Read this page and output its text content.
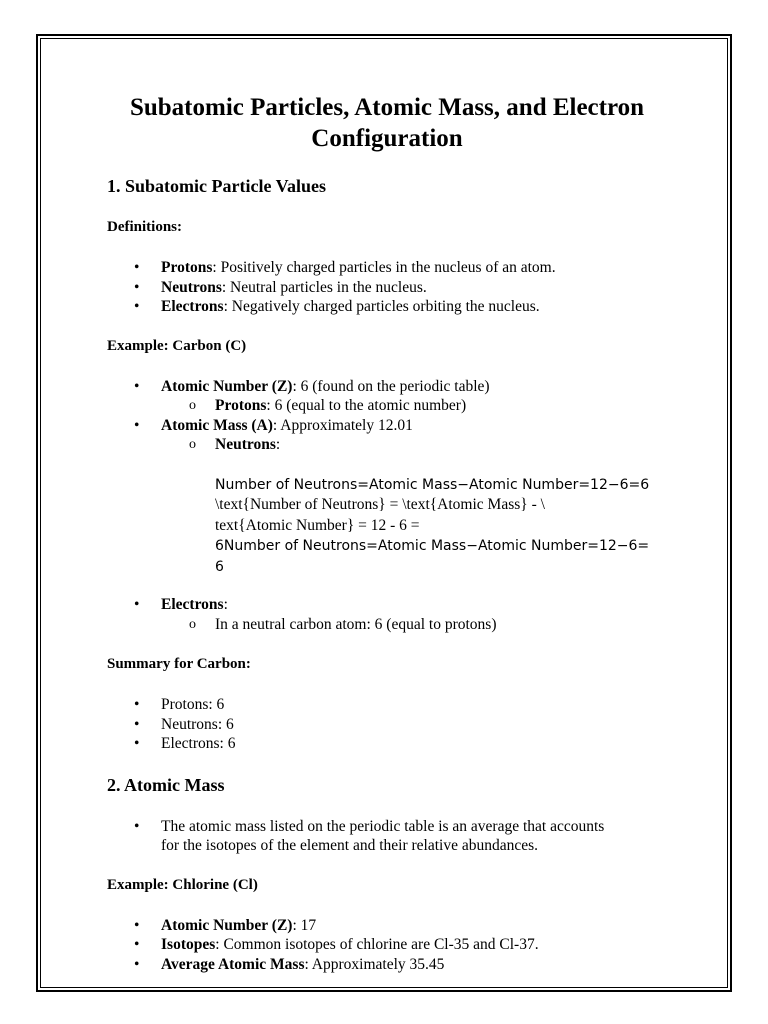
Subatomic Particles, Atomic Mass, and Electron Configuration
1. Subatomic Particle Values

Definitions:

• Protons: Positively charged particles in the nucleus of an atom.
• Neutrons: Neutral particles in the nucleus.
• Electrons: Negatively charged particles orbiting the nucleus.

Example: Carbon (C)

• Atomic Number (Z): 6 (found on the periodic table)
o Protons: 6 (equal to the atomic number)
• Atomic Mass (A): Approximately 12.01
o Neutrons:
Number of Neutrons=Atomic Mass−Atomic Number=12−6=6
\text{Number of Neutrons} = \text{Atomic Mass} - \
text{Atomic Number} = 12 - 6 =
6Number of Neutrons=Atomic Mass−Atomic Number=12−6=
6
• Electrons:
o In a neutral carbon atom: 6 (equal to protons)

Summary for Carbon:

• Protons: 6
• Neutrons: 6
• Electrons: 6
2. Atomic Mass
• The atomic mass listed on the periodic table is an average that accounts for the isotopes of the element and their relative abundances.

Example: Chlorine (Cl)

• Atomic Number (Z): 17
• Isotopes: Common isotopes of chlorine are Cl-35 and Cl-37.
• Average Atomic Mass: Approximately 35.45
